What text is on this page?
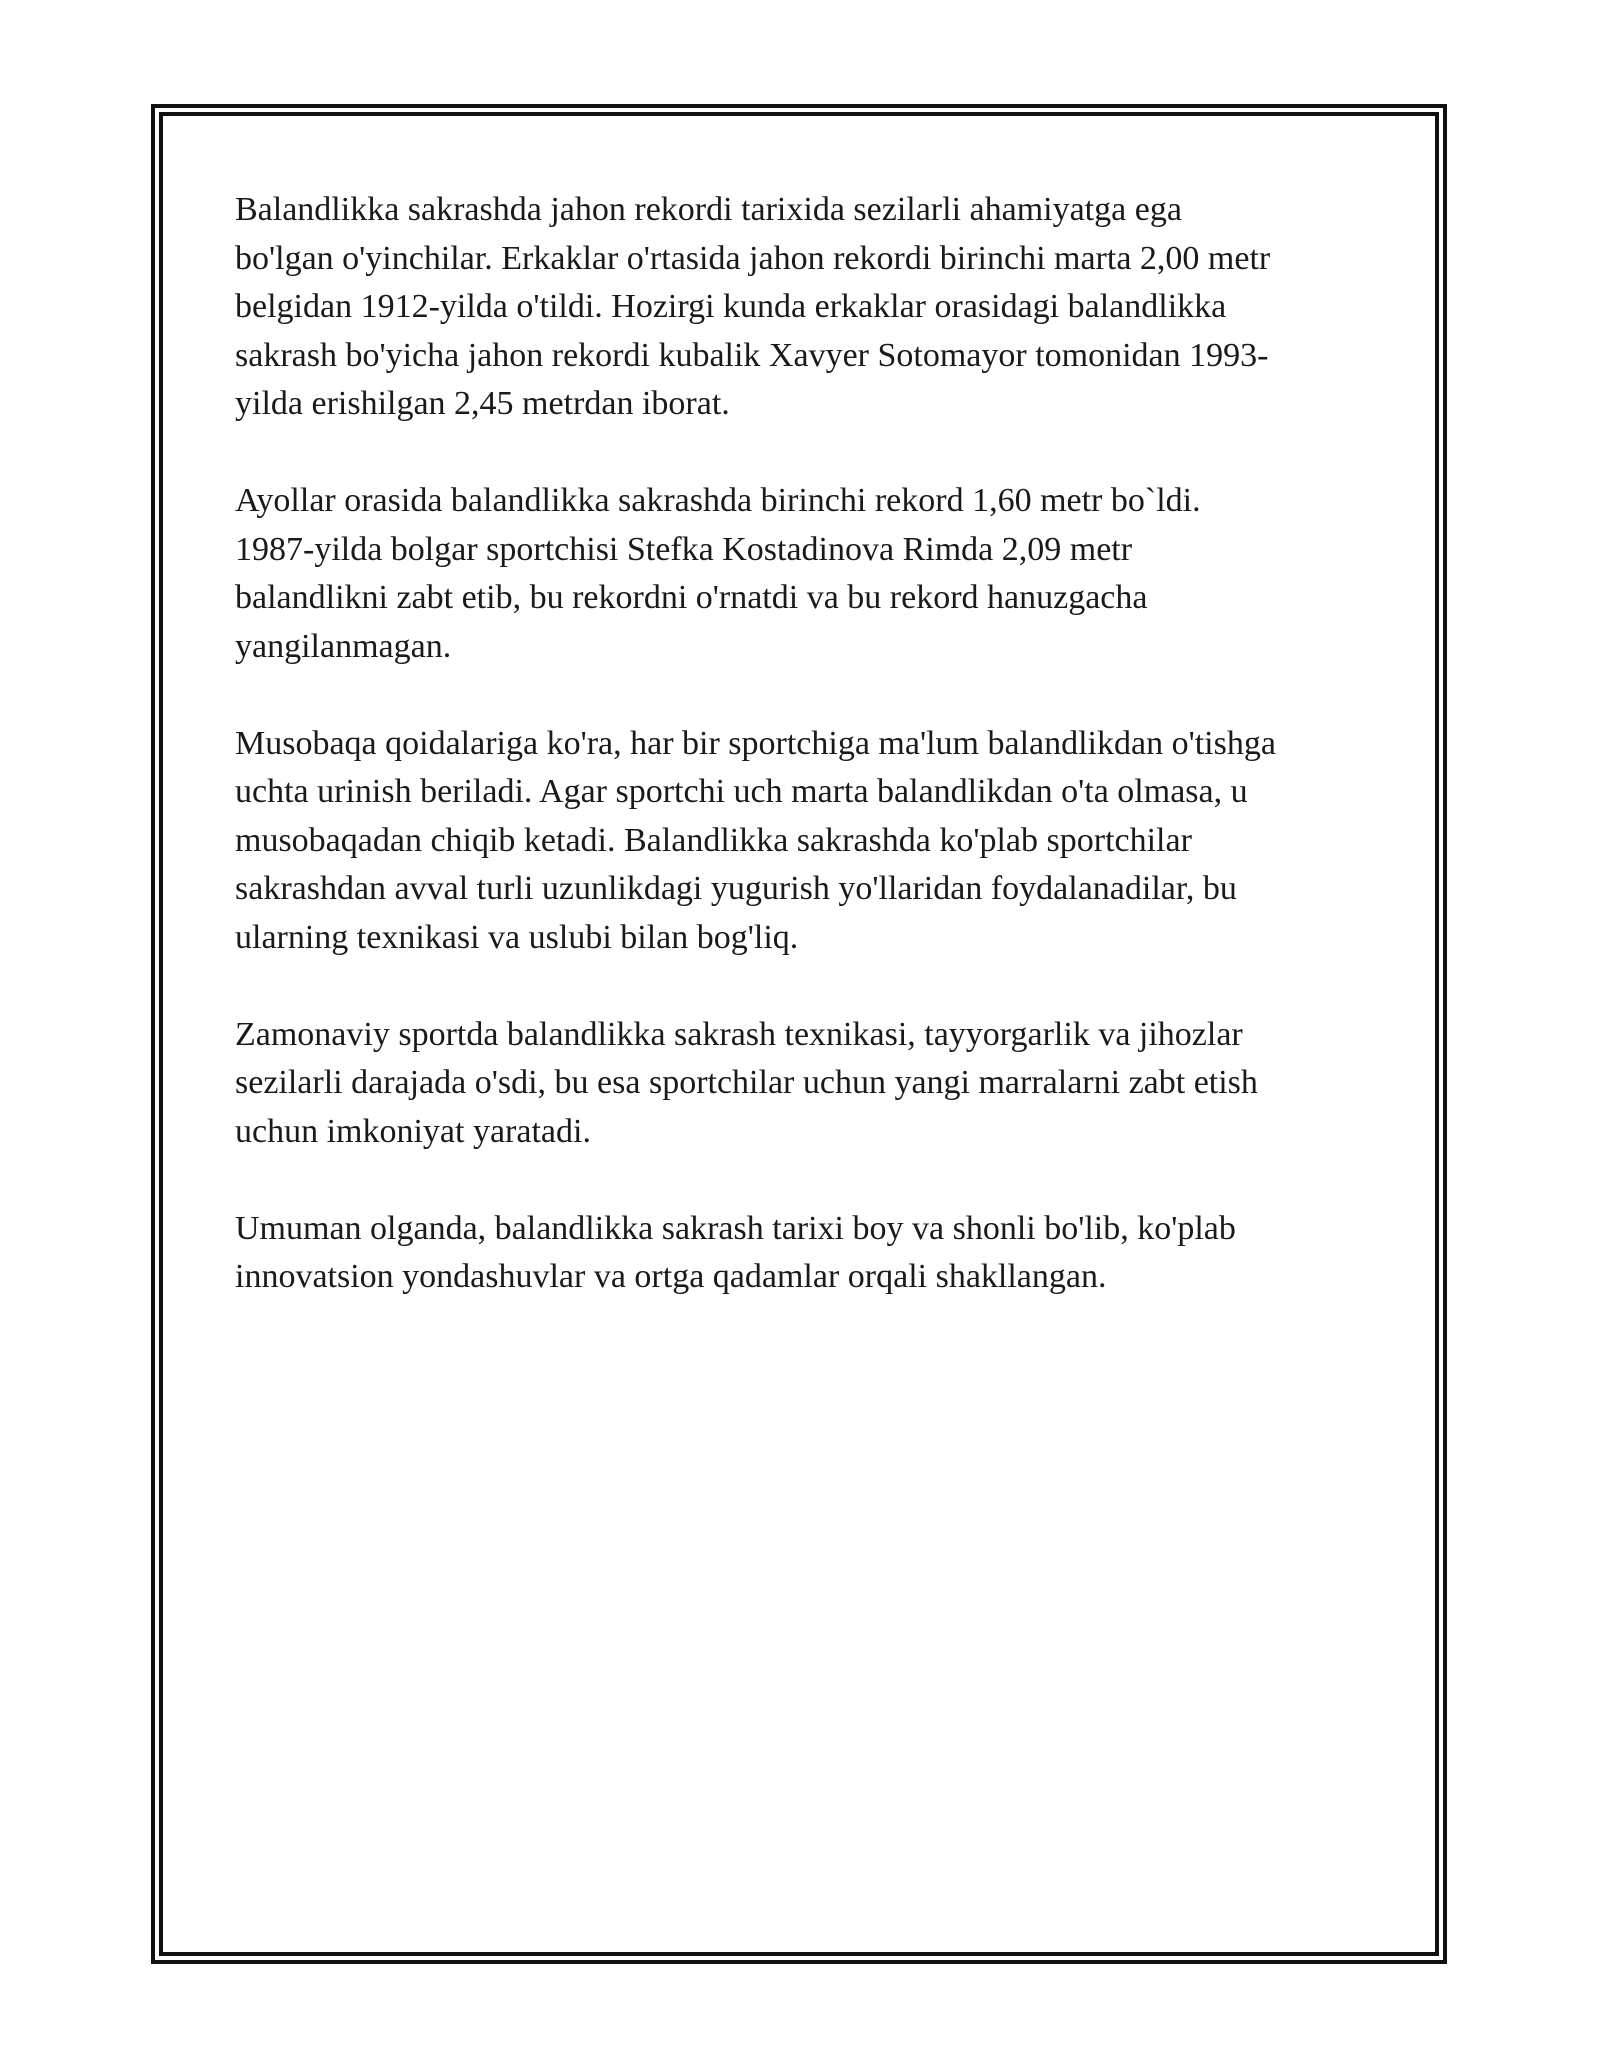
Balandlikka sakrashda jahon rekordi tarixida sezilarli ahamiyatga ega
bo'lgan o'yinchilar. Erkaklar o'rtasida jahon rekordi birinchi marta 2,00 metr
belgidan 1912-yilda o'tildi. Hozirgi kunda erkaklar orasidagi balandlikka
sakrash bo'yicha jahon rekordi kubalik Xavyer Sotomayor tomonidan 1993-
yilda erishilgan 2,45 metrdan iborat.

Ayollar orasida balandlikka sakrashda birinchi rekord 1,60 metr bo`ldi.
1987-yilda bolgar sportchisi Stefka Kostadinova Rimda 2,09 metr
balandlikni zabt etib, bu rekordni o'rnatdi va bu rekord hanuzgacha
yangilanmagan.

Musobaqa qoidalariga ko'ra, har bir sportchiga ma'lum balandlikdan o'tishga
uchta urinish beriladi. Agar sportchi uch marta balandlikdan o'ta olmasa, u
musobaqadan chiqib ketadi. Balandlikka sakrashda ko'plab sportchilar
sakrashdan avval turli uzunlikdagi yugurish yo'llaridan foydalanadilar, bu
ularning texnikasi va uslubi bilan bog'liq.

Zamonaviy sportda balandlikka sakrash texnikasi, tayyorgarlik va jihozlar
sezilarli darajada o'sdi, bu esa sportchilar uchun yangi marralarni zabt etish
uchun imkoniyat yaratadi.

Umuman olganda, balandlikka sakrash tarixi boy va shonli bo'lib, ko'plab
innovatsion yondashuvlar va ortga qadamlar orqali shakllangan.
